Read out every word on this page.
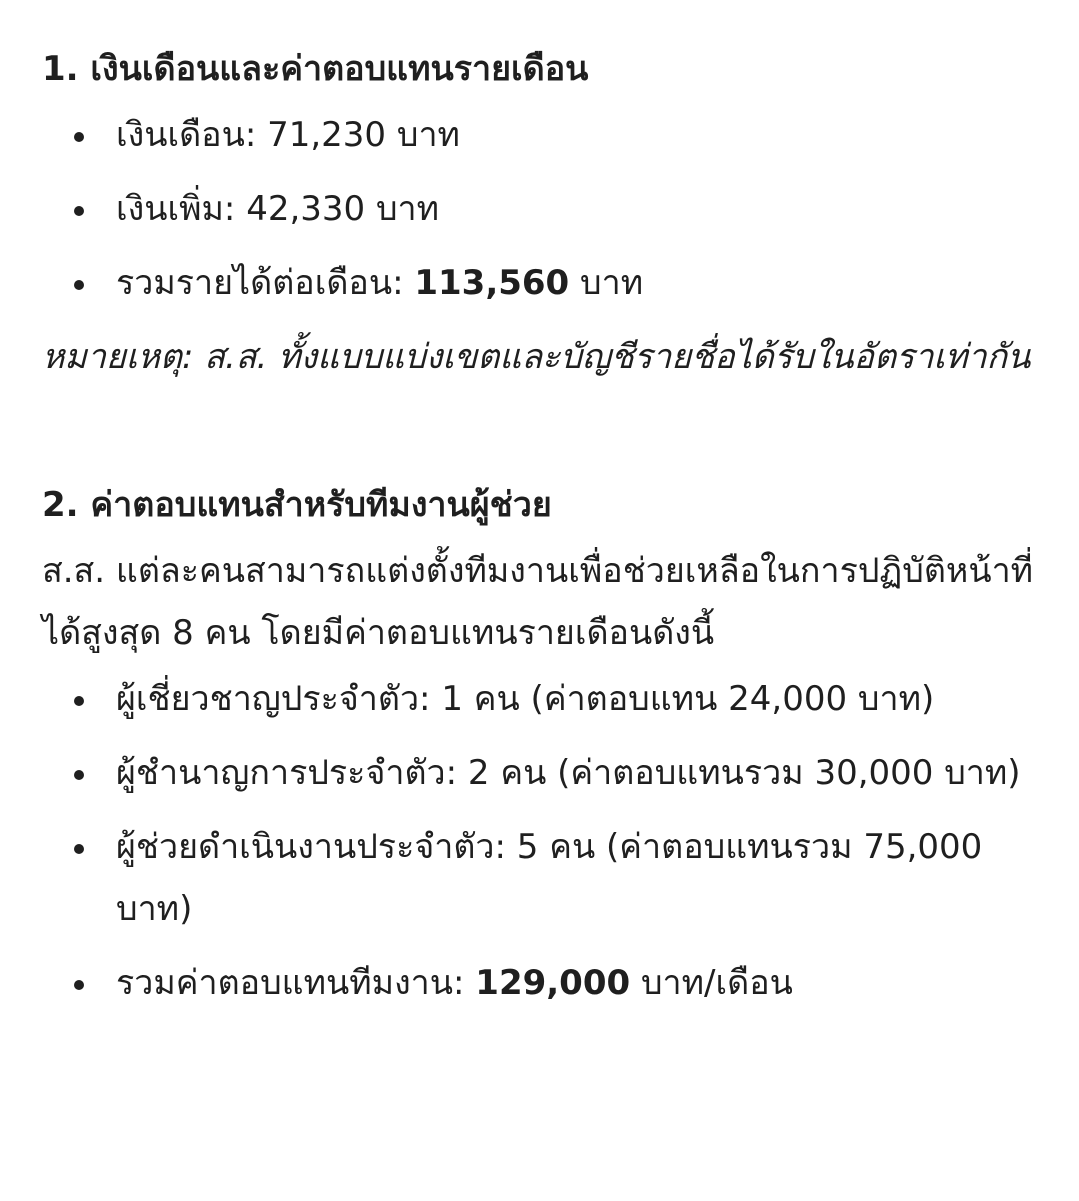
1. เงินเดือนและค่าตอบแทนรายเดือน
เงินเดือน: 71,230 บาท
เงินเพิ่ม: 42,330 บาท
รวมรายได้ต่อเดือน: 113,560 บาท

หมายเหตุ: ส.ส. ทั้งแบบแบ่งเขตและบัญชีรายชื่อได้รับในอัตราเท่ากัน

2. ค่าตอบแทนสำหรับทีมงานผู้ช่วย

ส.ส. แต่ละคนสามารถแต่งตั้งทีมงานเพื่อช่วยเหลือในการปฏิบัติหน้าที่ได้สูงสุด 8 คน โดยมีค่าตอบแทนรายเดือนดังนี้

ผู้เชี่ยวชาญประจำตัว: 1 คน (ค่าตอบแทน 24,000 บาท)
ผู้ชำนาญการประจำตัว: 2 คน (ค่าตอบแทนรวม 30,000 บาท)
ผู้ช่วยดำเนินงานประจำตัว: 5 คน (ค่าตอบแทนรวม 75,000 บาท)
รวมค่าตอบแทนทีมงาน: 129,000 บาท/เดือน
